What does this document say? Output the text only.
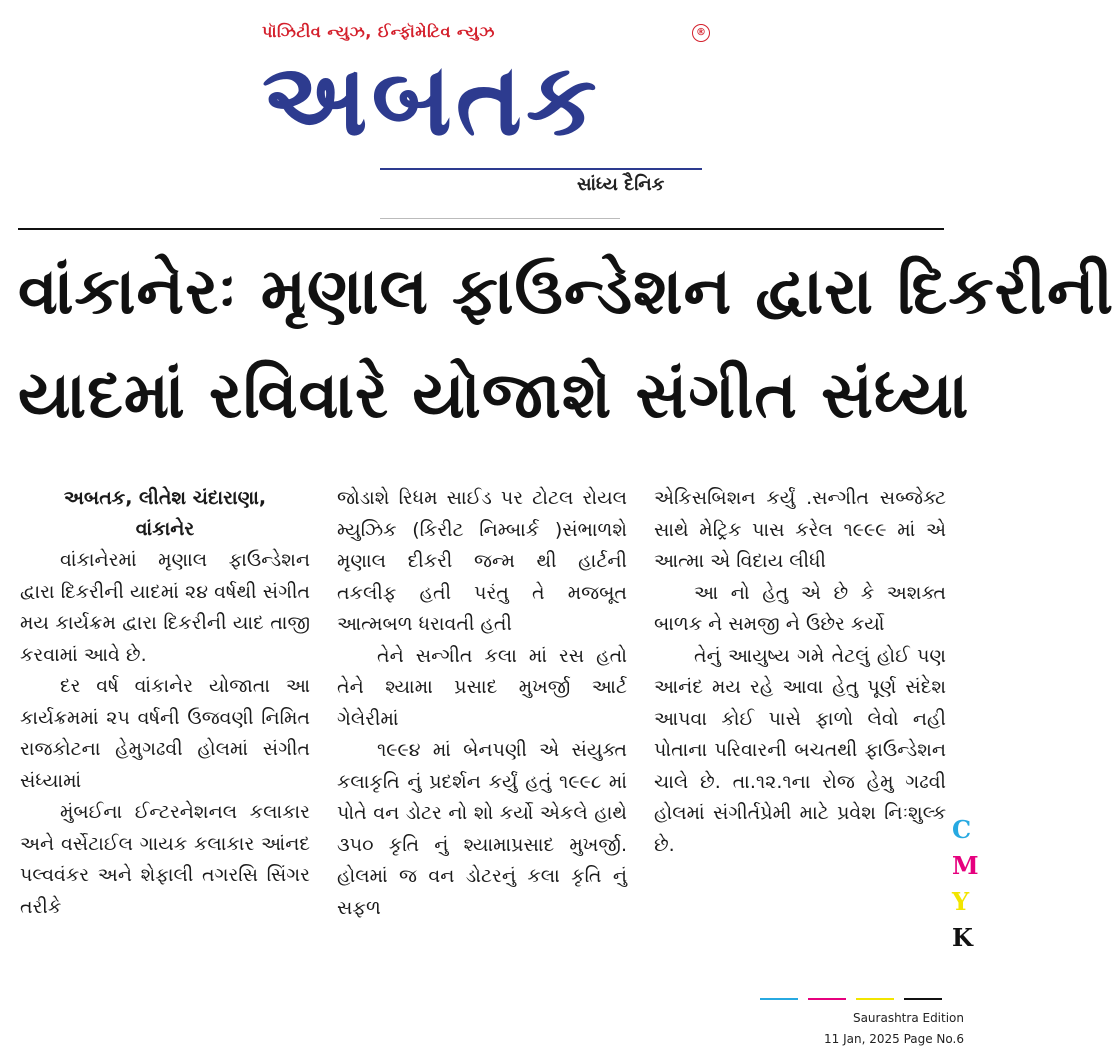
પૉઝિટીવ ન્યુઝ, ઈન્ફૉમેટિવ ન્યુઝ	®
અબતક
સાંધ્ય દૈનિક
વાંકાનેરઃ મૃણાલ ફાઉન્ડેશન દ્વારા દિકરીની
યાદમાં રવિવારે યોજાશે સંગીત સંધ્યા

અબતક, લીતેશ ચંદારાણા,

વાંકાનેર

વાંકાનેરમાં મૃણાલ ફાઉન્ડેશન દ્વારા દિકરીની યાદમાં ૨૪ વર્ષથી સંગીત મય કાર્યક્રમ દ્વારા દિકરીની યાદ તાજી કરવામાં આવે છે.

દર વર્ષ વાંકાનેર યોજાતા આ કાર્યક્રમમાં ૨૫ વર્ષની ઉજવણી નિમિત રાજકોટના હેમુગઢવી હોલમાં સંગીત સંધ્યામાં

મુંબઈના ઈન્ટરનેશનલ કલાકાર અને વર્સેટાઈલ ગાયક કલાકાર આંનદ પલ્વવંકર અને શેફાલી તગરસિ સિંગર તરીકે

જોડાશે રિધમ સાઈડ પર ટોટલ રોયલ મ્યુઝિક (કિરીટ નિમ્બાર્ક )સંભાળશે મૃણાલ દીકરી જન્મ થી હાર્ટની તકલીફ હતી પરંતુ તે મજબૂત આત્મબળ ધરાવતી હતી

તેને સન્ગીત કલા માં રસ હતો તેને શ્યામા પ્રસાદ મુખર્જી આર્ટ ગેલેરીમાં

૧૯૯૪ માં બેનપણી એ સંયુક્ત કલાકૃતિ નું પ્રદર્શન કર્યું હતું ૧૯૯૮ માં પોતે વન ડોટર નો શો કર્યો એકલે હાથે ૩૫૦ કૃતિ નું શ્યામાપ્રસાદ મુખર્જી. હોલમાં જ વન ડોટરનું કલા કૃતિ નું સફળ

એકિસબિશન કર્યું .સન્ગીત સબ્જેક્ટ સાથે મેટ્રિક પાસ કરેલ ૧૯૯૯ માં એ આત્મા એ વિદાય લીધી

આ નો હેતુ એ છે કે અશક્ત બાળક ને સમજી ને ઉછેર કર્યો

તેનું આયુષ્ય ગમે તેટલું હોઈ પણ આનંદ મય રહે આવા હેતુ પૂર્ણ સંદેશ આપવા કોઈ પાસે ફાળો લેવો નહી પોતાના પરિવારની બચતથી ફાઉન્ડેશન ચાલે છે. તા.૧૨.૧ના રોજ હેમુ ગઢવી હોલમાં સંગીર્તપ્રેમી માટે પ્રવેશ નિઃશુલ્ક છે.

C
M
Y
K
Saurashtra Edition
11 Jan, 2025 Page No.6
